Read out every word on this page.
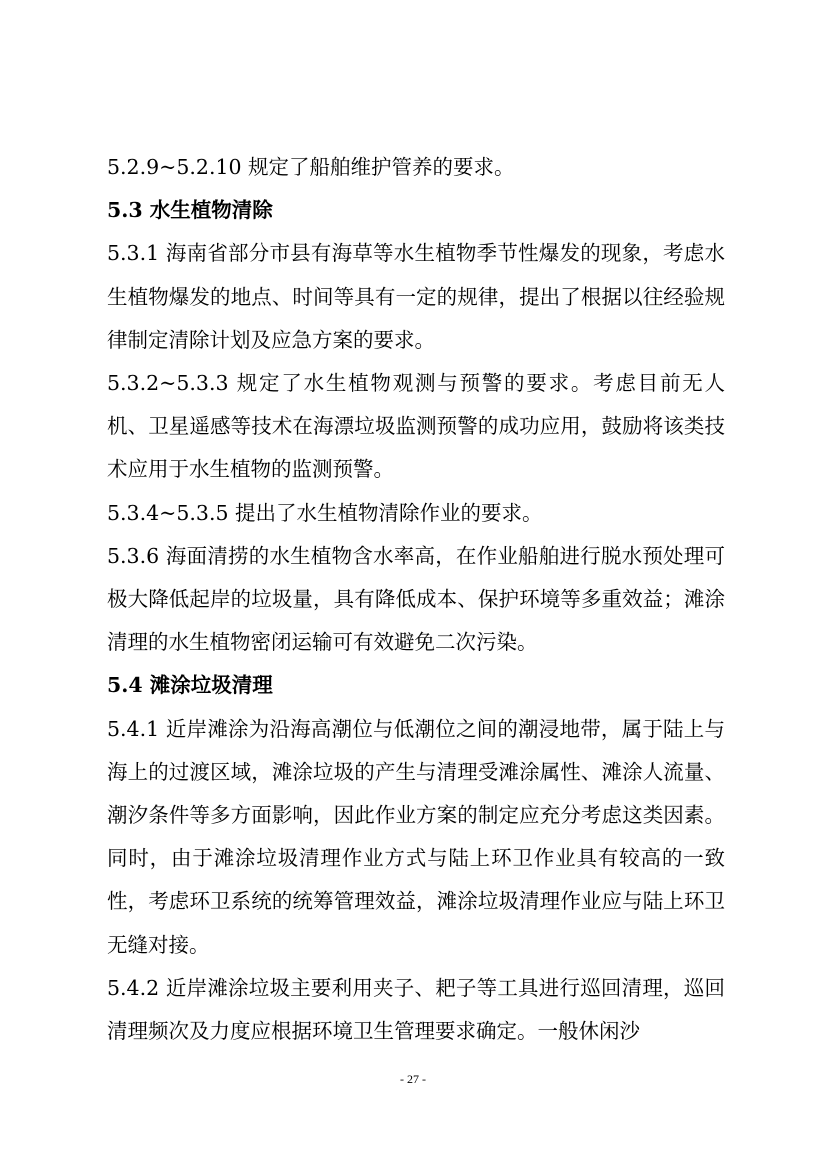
5.2.9~5.2.10 规定了船舶维护管养的要求。

5.3 水生植物清除

5.3.1 海南省部分市县有海草等水生植物季节性爆发的现象，考虑水生植物爆发的地点、时间等具有一定的规律，提出了根据以往经验规律制定清除计划及应急方案的要求。

5.3.2~5.3.3 规定了水生植物观测与预警的要求。考虑目前无人机、卫星遥感等技术在海漂垃圾监测预警的成功应用，鼓励将该类技术应用于水生植物的监测预警。

5.3.4~5.3.5 提出了水生植物清除作业的要求。

5.3.6 海面清捞的水生植物含水率高，在作业船舶进行脱水预处理可极大降低起岸的垃圾量，具有降低成本、保护环境等多重效益；滩涂清理的水生植物密闭运输可有效避免二次污染。

5.4 滩涂垃圾清理

5.4.1 近岸滩涂为沿海高潮位与低潮位之间的潮浸地带，属于陆上与海上的过渡区域，滩涂垃圾的产生与清理受滩涂属性、滩涂人流量、潮汐条件等多方面影响，因此作业方案的制定应充分考虑这类因素。同时，由于滩涂垃圾清理作业方式与陆上环卫作业具有较高的一致性，考虑环卫系统的统筹管理效益，滩涂垃圾清理作业应与陆上环卫无缝对接。

5.4.2 近岸滩涂垃圾主要利用夹子、耙子等工具进行巡回清理，巡回清理频次及力度应根据环境卫生管理要求确定。一般休闲沙

- 27 -
